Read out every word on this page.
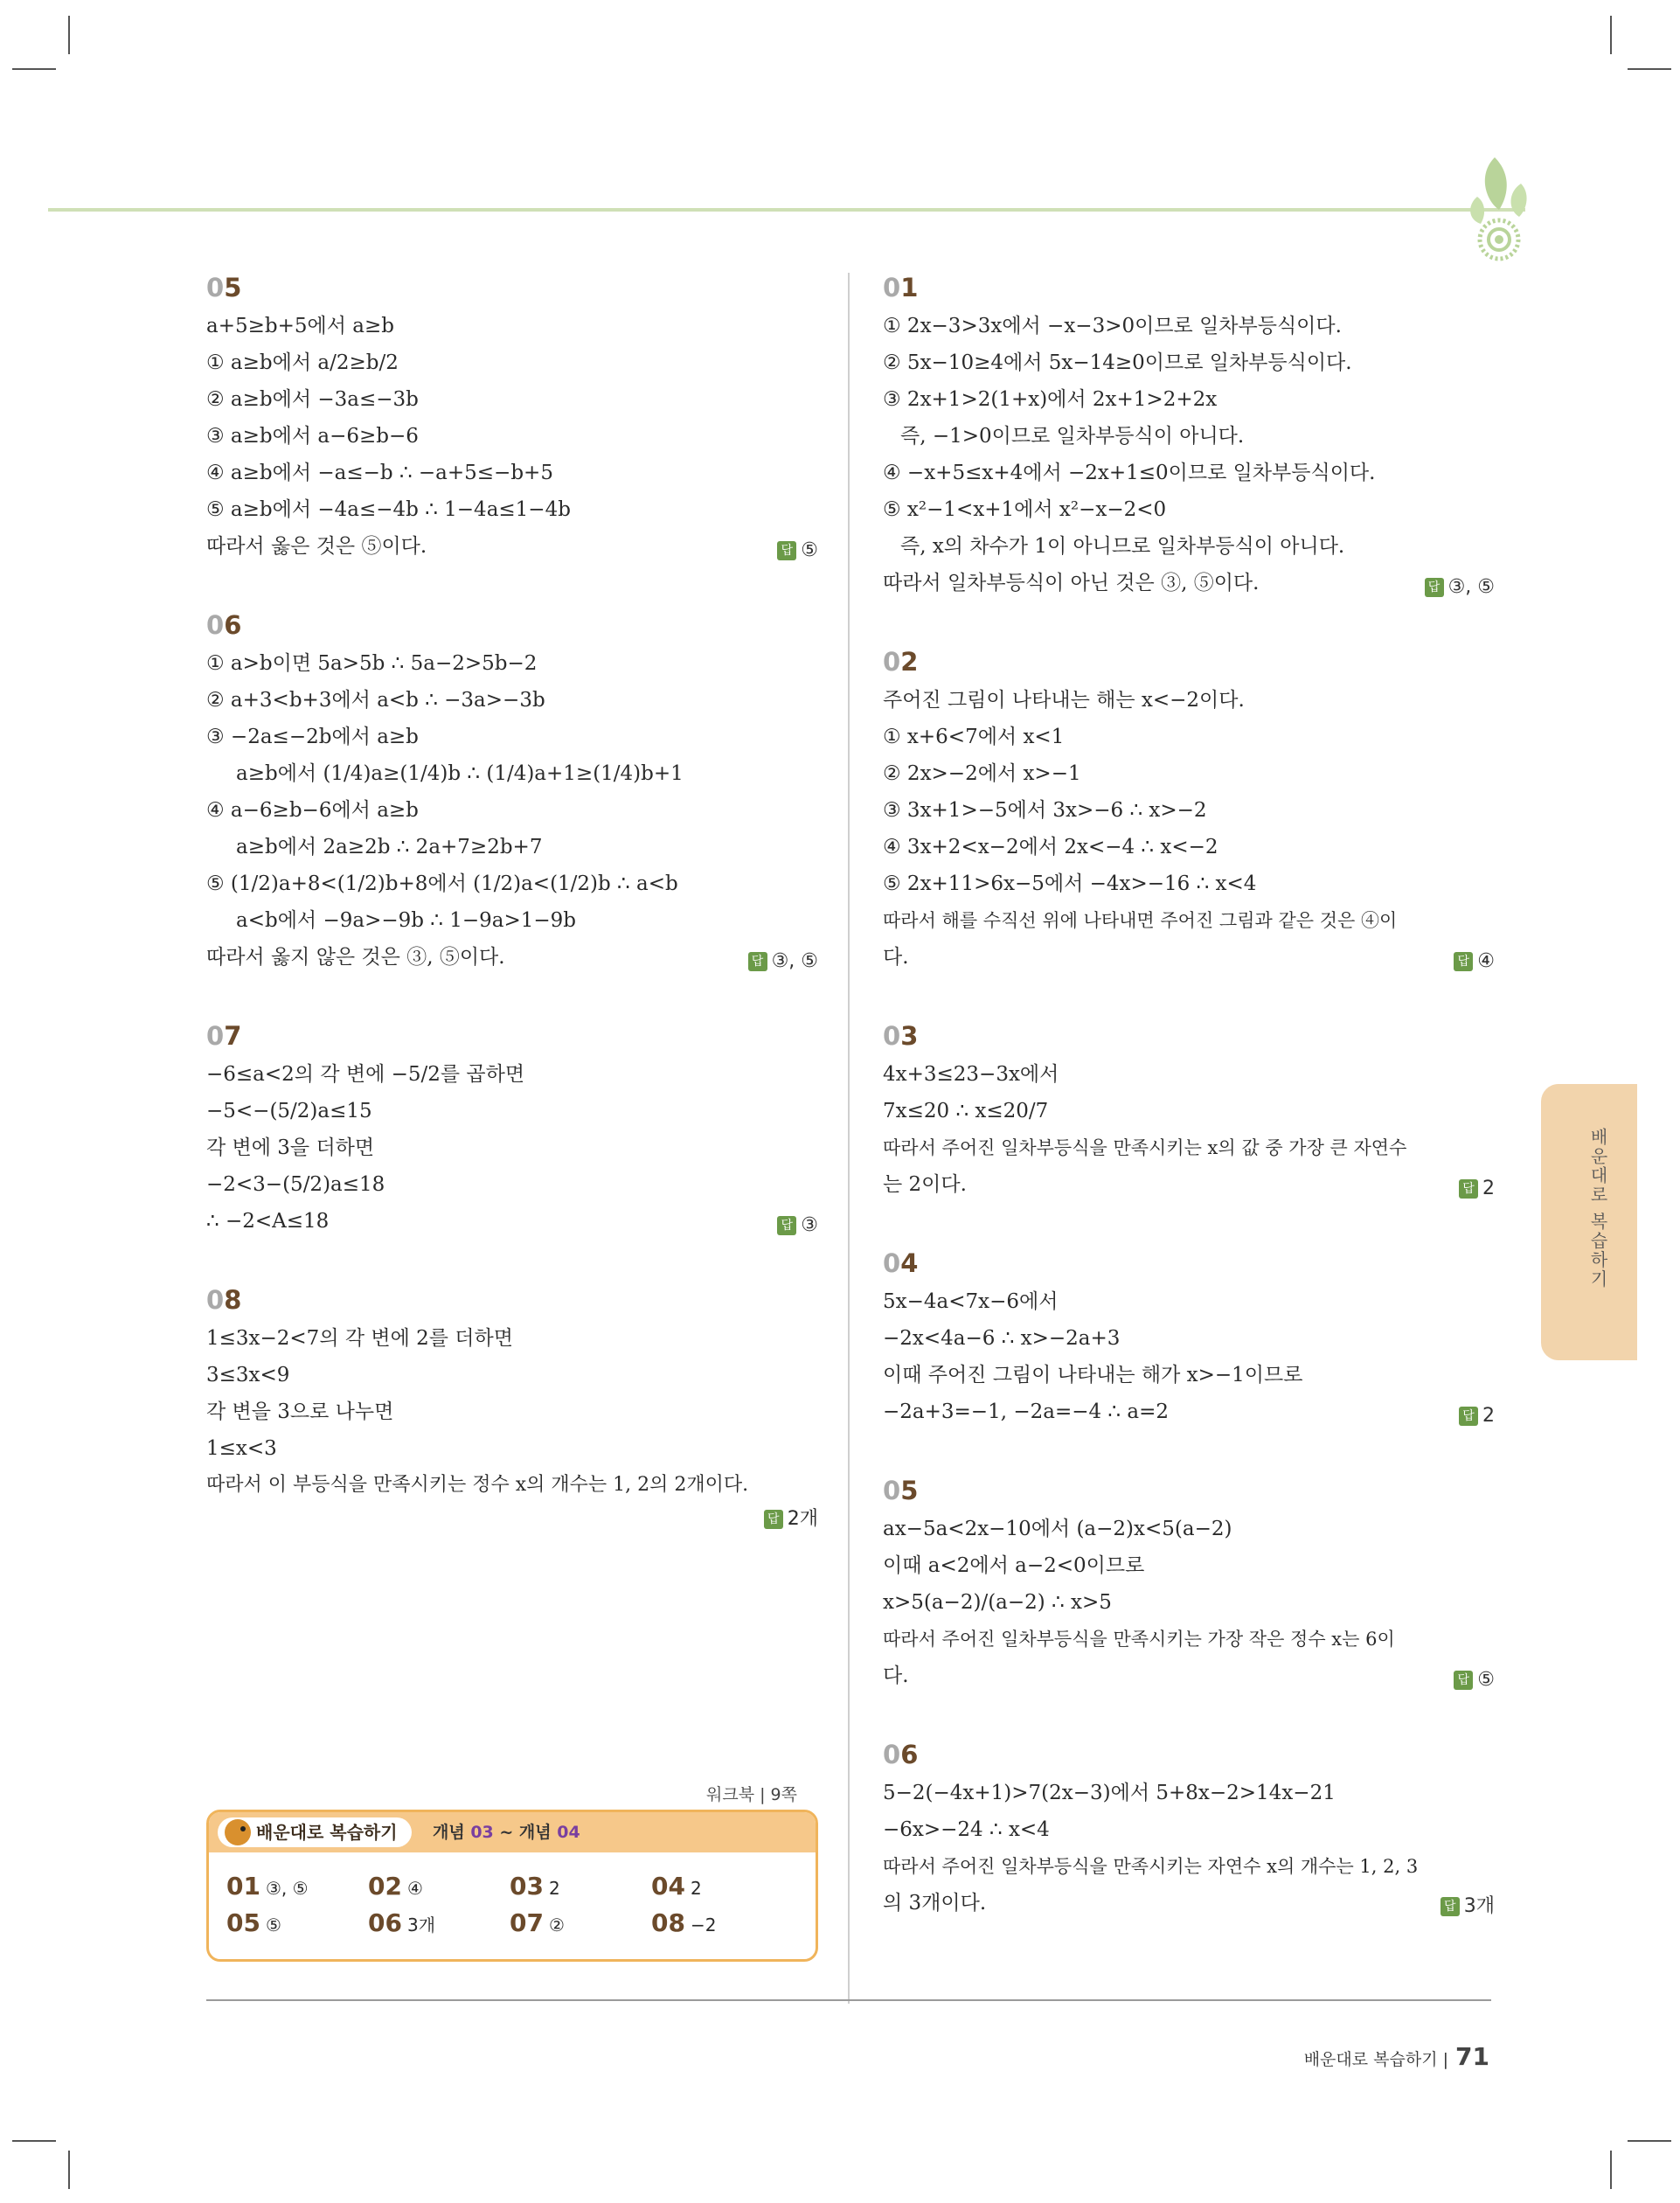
05
a+5≥b+5에서 a≥b
① a≥b에서 a/2≥b/2
② a≥b에서 −3a≤−3b
③ a≥b에서 a−6≥b−6
④ a≥b에서 −a≤−b ∴ −a+5≤−b+5
⑤ a≥b에서 −4a≤−4b ∴ 1−4a≤1−4b
따라서 옳은 것은 ⑤이다.	답 ⑤
06
① a>b이면 5a>5b ∴ 5a−2>5b−2
② a+3<b+3에서 a<b ∴ −3a>−3b
③ −2a≤−2b에서 a≥b
a≥b에서 (1/4)a≥(1/4)b ∴ (1/4)a+1≥(1/4)b+1
④ a−6≥b−6에서 a≥b
a≥b에서 2a≥2b ∴ 2a+7≥2b+7
⑤ (1/2)a+8<(1/2)b+8에서 (1/2)a<(1/2)b ∴ a<b
a<b에서 −9a>−9b ∴ 1−9a>1−9b
따라서 옳지 않은 것은 ③, ⑤이다.	답 ③, ⑤
07
−6≤a<2의 각 변에 −5/2를 곱하면
−5<−(5/2)a≤15
각 변에 3을 더하면
−2<3−(5/2)a≤18
∴ −2<A≤18	답 ③
08
1≤3x−2<7의 각 변에 2를 더하면
3≤3x<9
각 변을 3으로 나누면
1≤x<3
따라서 이 부등식을 만족시키는 정수 x의 개수는 1, 2의 2개이다.
답 2개
워크북 | 9쪽
배운대로 복습하기	개념 03 ~ 개념 04
01 ③, ⑤	02 ④	03 2	04 2
05 ⑤	06 3개	07 ②	08 −2
01
① 2x−3>3x에서 −x−3>0이므로 일차부등식이다.
② 5x−10≥4에서 5x−14≥0이므로 일차부등식이다.
③ 2x+1>2(1+x)에서 2x+1>2+2x
즉, −1>0이므로 일차부등식이 아니다.
④ −x+5≤x+4에서 −2x+1≤0이므로 일차부등식이다.
⑤ x²−1<x+1에서 x²−x−2<0
즉, x의 차수가 1이 아니므로 일차부등식이 아니다.
따라서 일차부등식이 아닌 것은 ③, ⑤이다.	답 ③, ⑤
02
주어진 그림이 나타내는 해는 x<−2이다.
① x+6<7에서 x<1
② 2x>−2에서 x>−1
③ 3x+1>−5에서 3x>−6 ∴ x>−2
④ 3x+2<x−2에서 2x<−4 ∴ x<−2
⑤ 2x+11>6x−5에서 −4x>−16 ∴ x<4
따라서 해를 수직선 위에 나타내면 주어진 그림과 같은 것은 ④이
다.	답 ④
03
4x+3≤23−3x에서
7x≤20 ∴ x≤20/7
따라서 주어진 일차부등식을 만족시키는 x의 값 중 가장 큰 자연수
는 2이다.	답 2
04
5x−4a<7x−6에서
−2x<4a−6 ∴ x>−2a+3
이때 주어진 그림이 나타내는 해가 x>−1이므로
−2a+3=−1, −2a=−4 ∴ a=2	답 2
05
ax−5a<2x−10에서 (a−2)x<5(a−2)
이때 a<2에서 a−2<0이므로
x>5(a−2)/(a−2) ∴ x>5
따라서 주어진 일차부등식을 만족시키는 가장 작은 정수 x는 6이
다.	답 ⑤
06
5−2(−4x+1)>7(2x−3)에서 5+8x−2>14x−21
−6x>−24 ∴ x<4
따라서 주어진 일차부등식을 만족시키는 자연수 x의 개수는 1, 2, 3
의 3개이다.	답 3개
배운대로 복습하기 | 71
배운대로 복습하기
